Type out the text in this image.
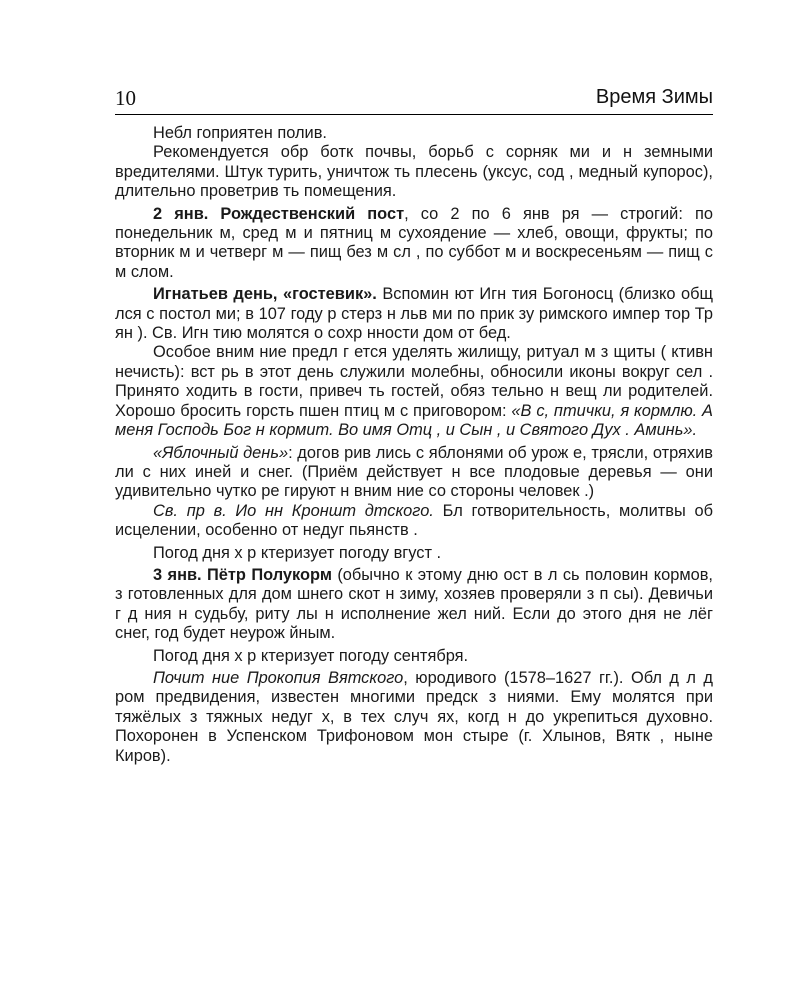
10	Время Зимы

Небл гоприятен полив.

Рекомендуется обр ботк почвы, борьб с сорняк ми и н земными вредителями. Штук турить, уничтож ть плесень (уксус, сод , медный купорос), длительно проветрив ть помещения.

2 янв. Рождественский пост, со 2 по 6 янв ря — строгий: по понедельник м, сред м и пятниц м сухоядение — хлеб, овощи, фрукты; по вторник м и четверг м — пищ без м сл , по суббот м и воскресеньям — пищ с м слом.

Игнатьев день, «гостевик». Вспомин ют Игн тия Богоносц (близко общ лся с постол ми; в 107 году р стерз н льв ми по прик зу римского импер тор Тр ян ). Св. Игн тию молятся о сохр нности дом от бед.

Особое вним ние предл г ется уделять жилищу, ритуал м з щиты ( ктивн нечисть): вст рь в этот день служили молебны, обносили иконы вокруг сел . Принято ходить в гости, привеч ть гостей, обяз тельно н вещ ли родителей. Хорошо бросить горсть пшен птиц м с приговором: «В с, птички, я кормлю. А меня Господь Бог н кормит. Во имя Отц , и Сын , и Святого Дух . Аминь».

«Яблочный день»: догов рив лись с яблонями об урож е, трясли, отряхив ли с них иней и снег. (Приём действует н все плодовые деревья — они удивительно чутко ре гируют н вним ние со стороны человек .)

Св. пр в. Ио нн Кроншт дтского. Бл готворительность, молитвы об исцелении, особенно от недуг пьянств .

Погод дня х р ктеризует погоду вгуст .

3 янв. Пётр Полукорм (обычно к этому дню ост в л сь половин кормов, з готовленных для дом шнего скот н зиму, хозяев проверяли з п сы). Девичьи г д ния н судьбу, риту лы н исполнение жел ний. Если до этого дня не лёг снег, год будет неурож йным.

Погод дня х р ктеризует погоду сентября.

Почит ние Прокопия Вятского, юродивого (1578–1627 гг.). Обл д л д ром предвидения, известен многими предск з ниями. Ему молятся при тяжёлых з тяжных недуг х, в тех случ ях, когд н до укрепиться духовно. Похоронен в Успенском Трифоновом мон стыре (г. Хлынов, Вятк , ныне Киров).
